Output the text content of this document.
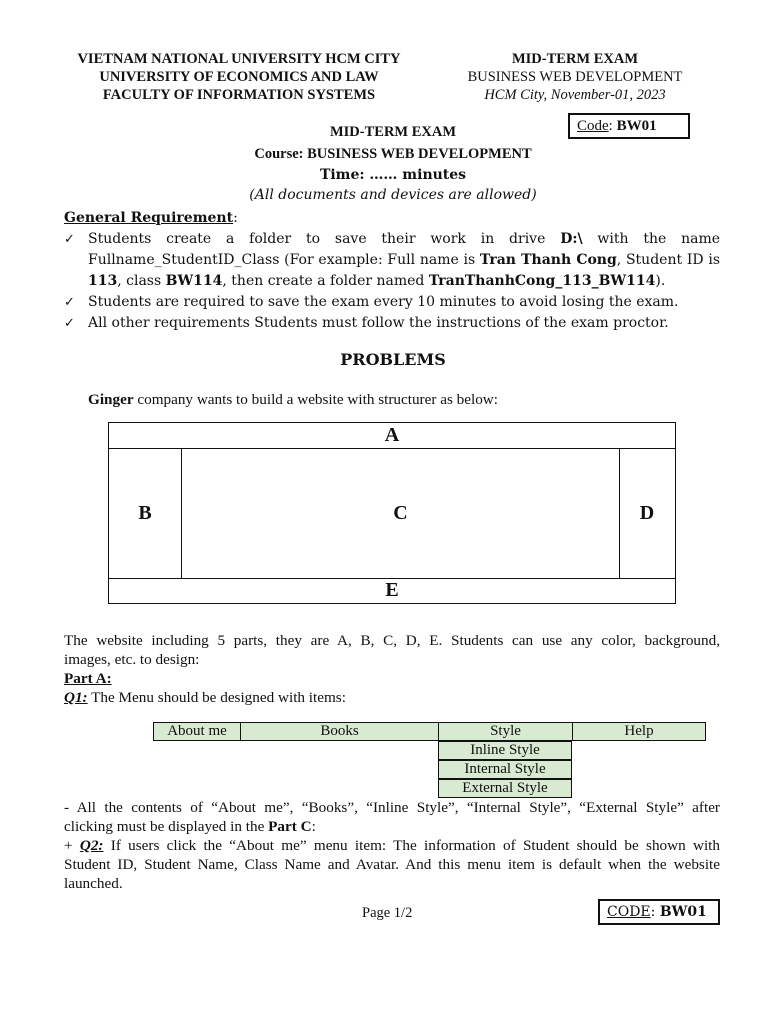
VIETNAM NATIONAL UNIVERSITY HCM CITY
UNIVERSITY OF ECONOMICS AND LAW
FACULTY OF INFORMATION SYSTEMS
MID-TERM EXAM
BUSINESS WEB DEVELOPMENT
HCM City, November-01, 2023
Code: BW01
MID-TERM EXAM
Course: BUSINESS WEB DEVELOPMENT
Time: …… minutes
(All documents and devices are allowed)
General Requirement:
✓ Students create a folder to save their work in drive D:\ with the name
Fullname_StudentID_Class (For example: Full name is Tran Thanh Cong, Student ID is
113, class BW114, then create a folder named TranThanhCong_113_BW114).
✓ Students are required to save the exam every 10 minutes to avoid losing the exam.
✓ All other requirements Students must follow the instructions of the exam proctor.
PROBLEMS
Ginger company wants to build a website with structurer as below:
A
B	C	D
E
The website including 5 parts, they are A, B, C, D, E. Students can use any color, background,
images, etc. to design:
Part A:
Q1: The Menu should be designed with items:
About me	Books	Style	Help
Inline Style
Internal Style
External Style
- All the contents of “About me”, “Books”, “Inline Style”, “Internal Style”, “External Style” after
clicking must be displayed in the Part C:
+ Q2: If users click the “About me” menu item: The information of Student should be shown with
Student ID, Student Name, Class Name and Avatar. And this menu item is default when the website
launched.
Page 1/2	CODE: BW01
